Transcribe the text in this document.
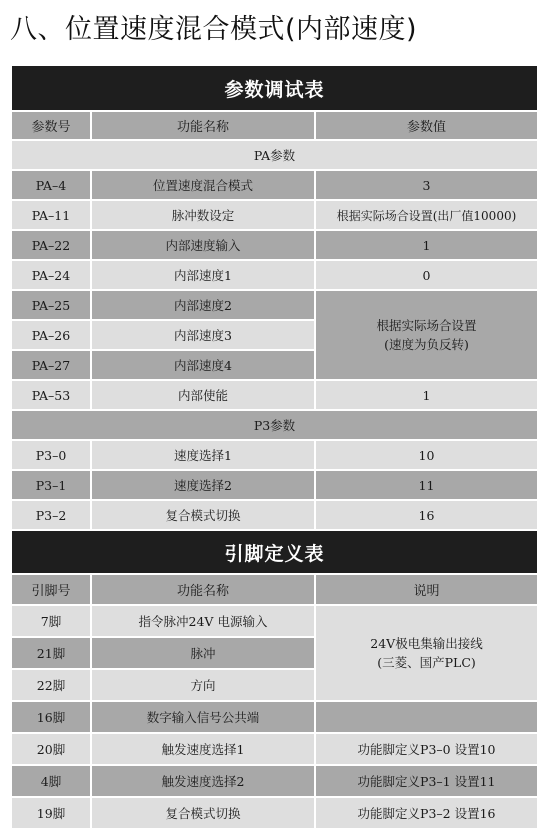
八、位置速度混合模式(内部速度)
参数调试表		
参数号	功能名称	参数值
PA参数		
PA–4	位置速度混合模式	3
PA–11	脉冲数设定	根据实际场合设置(出厂值10000)
PA–22	内部速度输入	1
PA–24	内部速度1	0
PA–25	内部速度2	根据实际场合设置
(速度为负反转)

PA–26	内部速度3	
PA–27	内部速度4	
PA–53	内部使能	1
P3参数		
P3–0	速度选择1	10
P3–1	速度选择2	11
P3–2	复合模式切换	16
引脚定义表		
引脚号	功能名称	说明
7脚	指令脉冲24V 电源输入	24V极电集输出接线
(三菱、国产PLC)

21脚	脉冲	
22脚	方向	
16脚	数字输入信号公共端	
20脚	触发速度选择1	功能脚定义P3–0 设置10
4脚	触发速度选择2	功能脚定义P3–1 设置11
19脚	复合模式切换	功能脚定义P3–2 设置16
